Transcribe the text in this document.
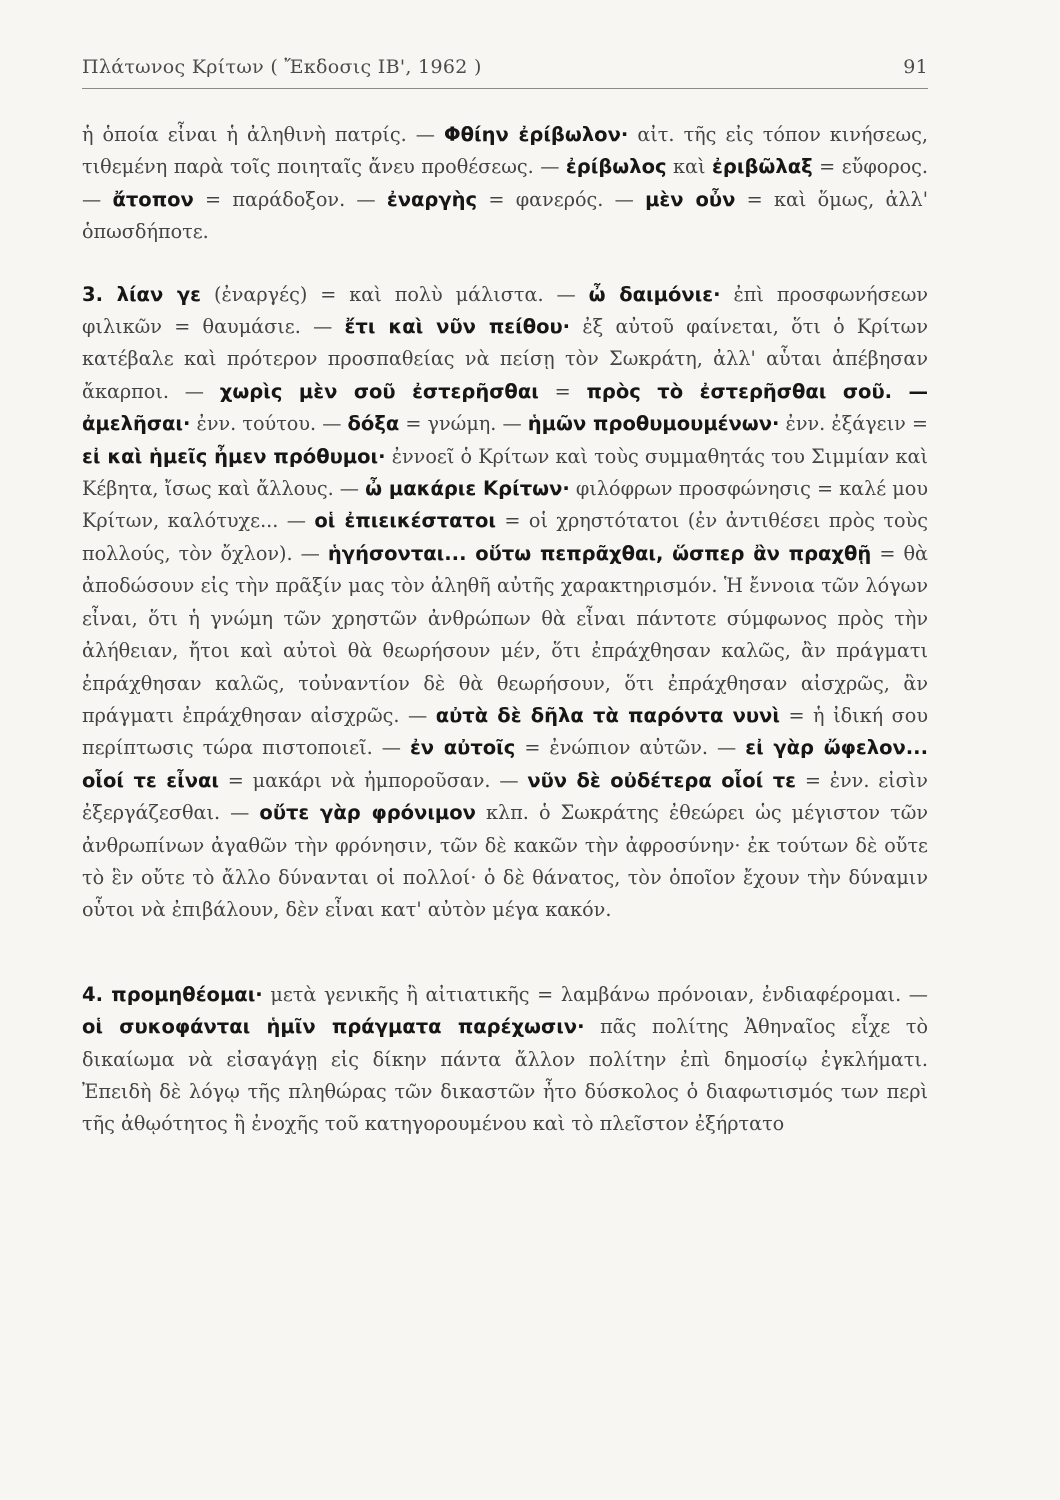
Πλάτωνος Κρίτων ( Ἔκδοσις ΙΒ', 1962 )	91

ἡ ὁποία εἶναι ἡ ἀληθινὴ πατρίς. — Φθίην ἐρίβωλον· αἰτ. τῆς εἰς τόπον κινήσεως, τιθεμένη παρὰ τοῖς ποιηταῖς ἄνευ προθέσεως. — ἐρίβωλος καὶ ἐριβῶλαξ = εὔφορος. — ἄτοπον = παράδοξον. — ἐναργὴς = φανερός. — μὲν οὖν = καὶ ὅμως, ἀλλ' ὁπωσδήποτε.

3. λίαν γε (ἐναργές) = καὶ πολὺ μάλιστα. — ὦ δαιμόνιε· ἐπὶ προσφωνήσεων φιλικῶν = θαυμάσιε. — ἔτι καὶ νῦν πείθου· ἐξ αὐτοῦ φαίνεται, ὅτι ὁ Κρίτων κατέβαλε καὶ πρότερον προσπαθείας νὰ πείσῃ τὸν Σωκράτη, ἀλλ' αὗται ἀπέβησαν ἄκαρποι. — χωρὶς μὲν σοῦ ἐστερῆσθαι = πρὸς τὸ ἐστερῆσθαι σοῦ. — ἀμελῆσαι· ἐνν. τούτου. — δόξα = γνώμη. — ἡμῶν προθυμουμένων· ἐνν. ἐξάγειν = εἰ καὶ ἡμεῖς ἦμεν πρόθυμοι· ἐννοεῖ ὁ Κρίτων καὶ τοὺς συμμαθητάς του Σιμμίαν καὶ Κέβητα, ἴσως καὶ ἄλλους. — ὦ μακάριε Κρίτων· φιλόφρων προσφώνησις = καλέ μου Κρίτων, καλότυχε... — οἱ ἐπιεικέστατοι = οἱ χρηστότατοι (ἐν ἀντιθέσει πρὸς τοὺς πολλούς, τὸν ὄχλον). — ἡγήσονται... οὕτω πεπρᾶχθαι, ὥσπερ ἂν πραχθῇ = θὰ ἀποδώσουν εἰς τὴν πρᾶξίν μας τὸν ἀληθῆ αὐτῆς χαρακτηρισμόν. Ἡ ἔννοια τῶν λόγων εἶναι, ὅτι ἡ γνώμη τῶν χρηστῶν ἀνθρώπων θὰ εἶναι πάντοτε σύμφωνος πρὸς τὴν ἀλήθειαν, ἤτοι καὶ αὐτοὶ θὰ θεωρήσουν μέν, ὅτι ἐπράχθησαν καλῶς, ἂν πράγματι ἐπράχθησαν καλῶς, τοὐναντίον δὲ θὰ θεωρήσουν, ὅτι ἐπράχθησαν αἰσχρῶς, ἂν πράγματι ἐπράχθησαν αἰσχρῶς. — αὐτὰ δὲ δῆλα τὰ παρόντα νυνὶ = ἡ ἰδική σου περίπτωσις τώρα πιστοποιεῖ. — ἐν αὐτοῖς = ἐνώπιον αὐτῶν. — εἰ γὰρ ὤφελον... οἷοί τε εἶναι = μακάρι νὰ ἠμποροῦσαν. — νῦν δὲ οὐδέτερα οἷοί τε = ἐνν. εἰσὶν ἐξεργάζεσθαι. — οὔτε γὰρ φρόνιμον κλπ. ὁ Σωκράτης ἐθεώρει ὡς μέγιστον τῶν ἀνθρωπίνων ἀγαθῶν τὴν φρόνησιν, τῶν δὲ κακῶν τὴν ἀφροσύνην· ἐκ τούτων δὲ οὔτε τὸ ἓν οὔτε τὸ ἄλλο δύνανται οἱ πολλοί· ὁ δὲ θάνατος, τὸν ὁποῖον ἔχουν τὴν δύναμιν οὗτοι νὰ ἐπιβάλουν, δὲν εἶναι κατ' αὐτὸν μέγα κακόν.

4. προμηθέομαι· μετὰ γενικῆς ἢ αἰτιατικῆς = λαμβάνω πρόνοιαν, ἐνδιαφέρομαι. — οἱ συκοφάνται ἡμῖν πράγματα παρέχωσιν· πᾶς πολίτης Ἀθηναῖος εἶχε τὸ δικαίωμα νὰ εἰσαγάγῃ εἰς δίκην πάντα ἄλλον πολίτην ἐπὶ δημοσίῳ ἐγκλήματι. Ἐπειδὴ δὲ λόγῳ τῆς πληθώρας τῶν δικαστῶν ἦτο δύσκολος ὁ διαφωτισμός των περὶ τῆς ἀθῳότητος ἢ ἐνοχῆς τοῦ κατηγορουμένου καὶ τὸ πλεῖστον ἐξήρτατο
